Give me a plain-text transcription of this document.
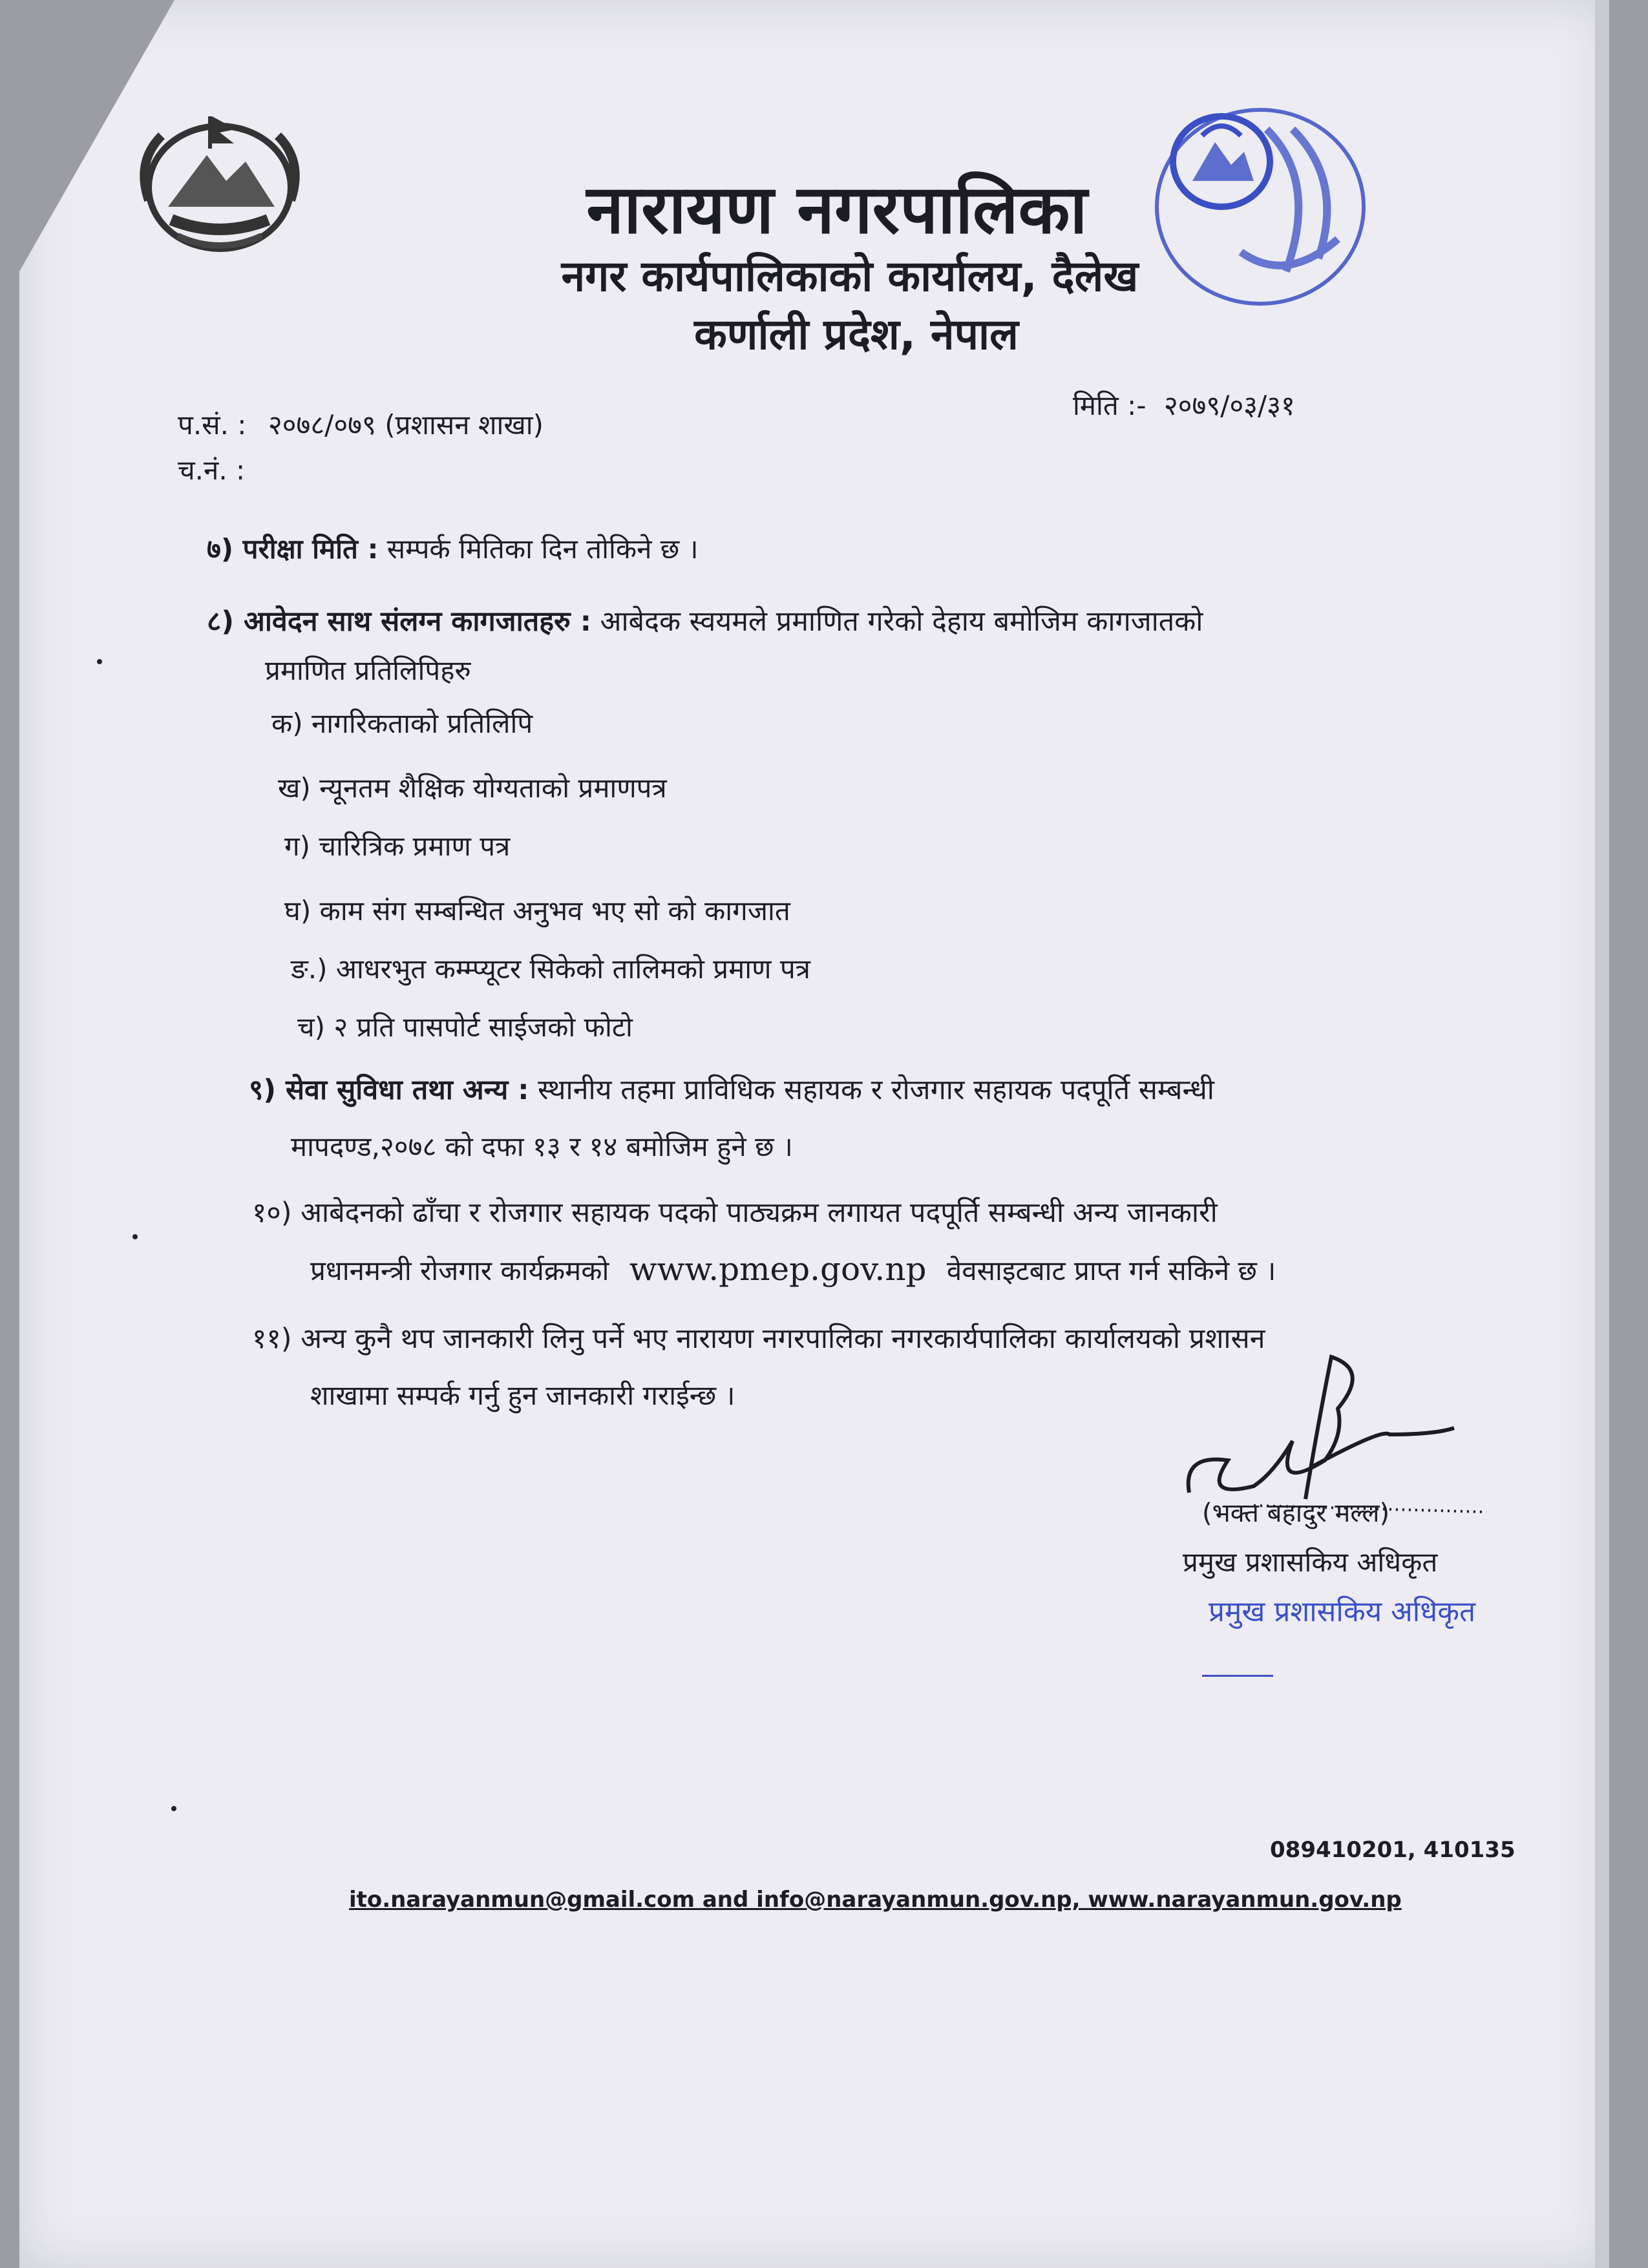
नारायण नगरपालिका
नगर कार्यपालिकाको कार्यालय, दैलेख
कर्णाली प्रदेश, नेपाल
प.सं. : २०७८/०७९ (प्रशासन शाखा)
च.नं. :
मिति :- २०७९/०३/३१
७) परीक्षा मिति : सम्पर्क मितिका दिन तोकिने छ ।
८) आवेदन साथ संलग्न कागजातहरु : आबेदक स्वयमले प्रमाणित गरेको देहाय बमोजिम कागजातको
प्रमाणित प्रतिलिपिहरु
क) नागरिकताको प्रतिलिपि
ख) न्यूनतम शैक्षिक योग्यताको प्रमाणपत्र
ग) चारित्रिक प्रमाण पत्र
घ) काम संग सम्बन्धित अनुभव भए सो को कागजात
ङ.) आधरभुत कम्म्प्यूटर सिकेको तालिमको प्रमाण पत्र
च) २ प्रति पासपोर्ट साईजको फोटो
९) सेवा सुविधा तथा अन्य : स्थानीय तहमा प्राविधिक सहायक र रोजगार सहायक पदपूर्ति सम्बन्धी
मापदण्ड,२०७८ को दफा १३ र १४ बमोजिम हुने छ ।
१०) आबेदनको ढाँचा र रोजगार सहायक पदको पाठ्यक्रम लगायत पदपूर्ति सम्बन्धी अन्य जानकारी
प्रधानमन्त्री रोजगार कार्यक्रमको www.pmep.gov.np वेवसाइटबाट प्राप्त गर्न सकिने छ ।
११) अन्य कुनै थप जानकारी लिनु पर्ने भए नारायण नगरपालिका नगरकार्यपालिका कार्यालयको प्रशासन
शाखामा सम्पर्क गर्नु हुन जानकारी गराईन्छ ।
(भक्त बहादुर मल्ल)
प्रमुख प्रशासकिय अधिकृत
प्रमुख प्रशासकिय अधिकृत
089410201, 410135
ito.narayanmun@gmail.com and info@narayanmun.gov.np, www.narayanmun.gov.np
